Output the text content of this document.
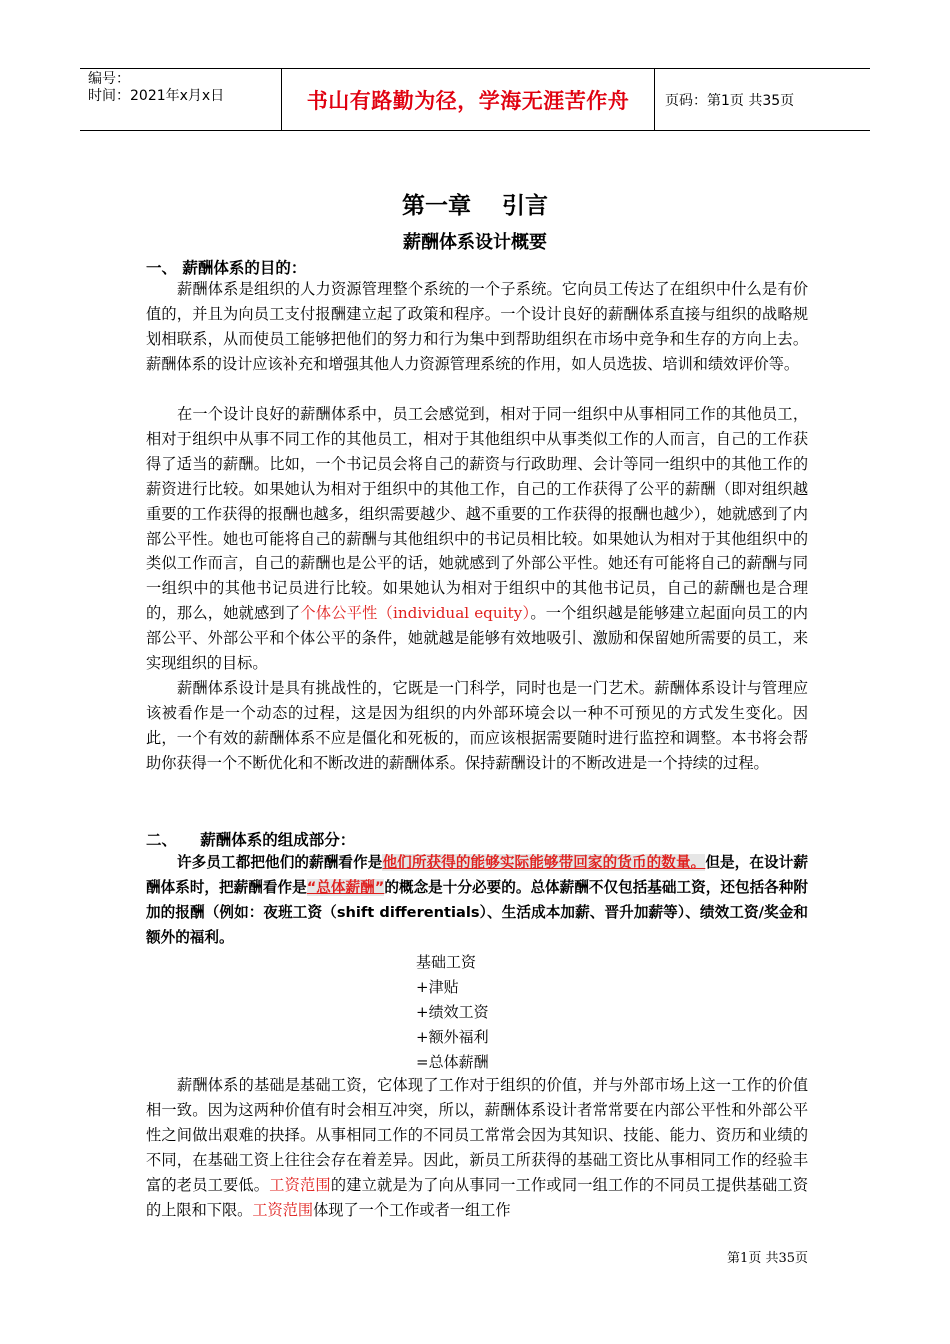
编号：
时间：2021年x月x日	书山有路勤为径，学海无涯苦作舟	页码：第1页 共35页
第一章　 引言
薪酬体系设计概要
一、 薪酬体系的目的：

薪酬体系是组织的人力资源管理整个系统的一个子系统。它向员工传达了在组织中什么是有价值的，并且为向员工支付报酬建立起了政策和程序。一个设计良好的薪酬体系直接与组织的战略规划相联系，从而使员工能够把他们的努力和行为集中到帮助组织在市场中竞争和生存的方向上去。薪酬体系的设计应该补充和增强其他人力资源管理系统的作用，如人员选拔、培训和绩效评价等。

在一个设计良好的薪酬体系中，员工会感觉到，相对于同一组织中从事相同工作的其他员工，相对于组织中从事不同工作的其他员工，相对于其他组织中从事类似工作的人而言，自己的工作获得了适当的薪酬。比如，一个书记员会将自己的薪资与行政助理、会计等同一组织中的其他工作的薪资进行比较。如果她认为相对于组织中的其他工作，自己的工作获得了公平的薪酬（即对组织越重要的工作获得的报酬也越多，组织需要越少、越不重要的工作获得的报酬也越少），她就感到了内部公平性。她也可能将自己的薪酬与其他组织中的书记员相比较。如果她认为相对于其他组织中的类似工作而言，自己的薪酬也是公平的话，她就感到了外部公平性。她还有可能将自己的薪酬与同一组织中的其他书记员进行比较。如果她认为相对于组织中的其他书记员，自己的薪酬也是合理的，那么，她就感到了个体公平性（individual equity）。一个组织越是能够建立起面向员工的内部公平、外部公平和个体公平的条件，她就越是能够有效地吸引、激励和保留她所需要的员工，来实现组织的目标。

薪酬体系设计是具有挑战性的，它既是一门科学，同时也是一门艺术。薪酬体系设计与管理应该被看作是一个动态的过程，这是因为组织的内外部环境会以一种不可预见的方式发生变化。因此，一个有效的薪酬体系不应是僵化和死板的，而应该根据需要随时进行监控和调整。本书将会帮助你获得一个不断优化和不断改进的薪酬体系。保持薪酬设计的不断改进是一个持续的过程。

二、　　薪酬体系的组成部分：

许多员工都把他们的薪酬看作是他们所获得的能够实际能够带回家的货币的数量。但是，在设计薪酬体系时，把薪酬看作是“总体薪酬”的概念是十分必要的。总体薪酬不仅包括基础工资，还包括各种附加的报酬（例如：夜班工资（shift differentials）、生活成本加薪、晋升加薪等）、绩效工资/奖金和额外的福利。

基础工资
+津贴
+绩效工资
+额外福利
=总体薪酬

薪酬体系的基础是基础工资，它体现了工作对于组织的价值，并与外部市场上这一工作的价值相一致。因为这两种价值有时会相互冲突，所以，薪酬体系设计者常常要在内部公平性和外部公平性之间做出艰难的抉择。从事相同工作的不同员工常常会因为其知识、技能、能力、资历和业绩的不同，在基础工资上往往会存在着差异。因此，新员工所获得的基础工资比从事相同工作的经验丰富的老员工要低。工资范围的建立就是为了向从事同一工作或同一组工作的不同员工提供基础工资的上限和下限。工资范围体现了一个工作或者一组工作

第1页 共35页
